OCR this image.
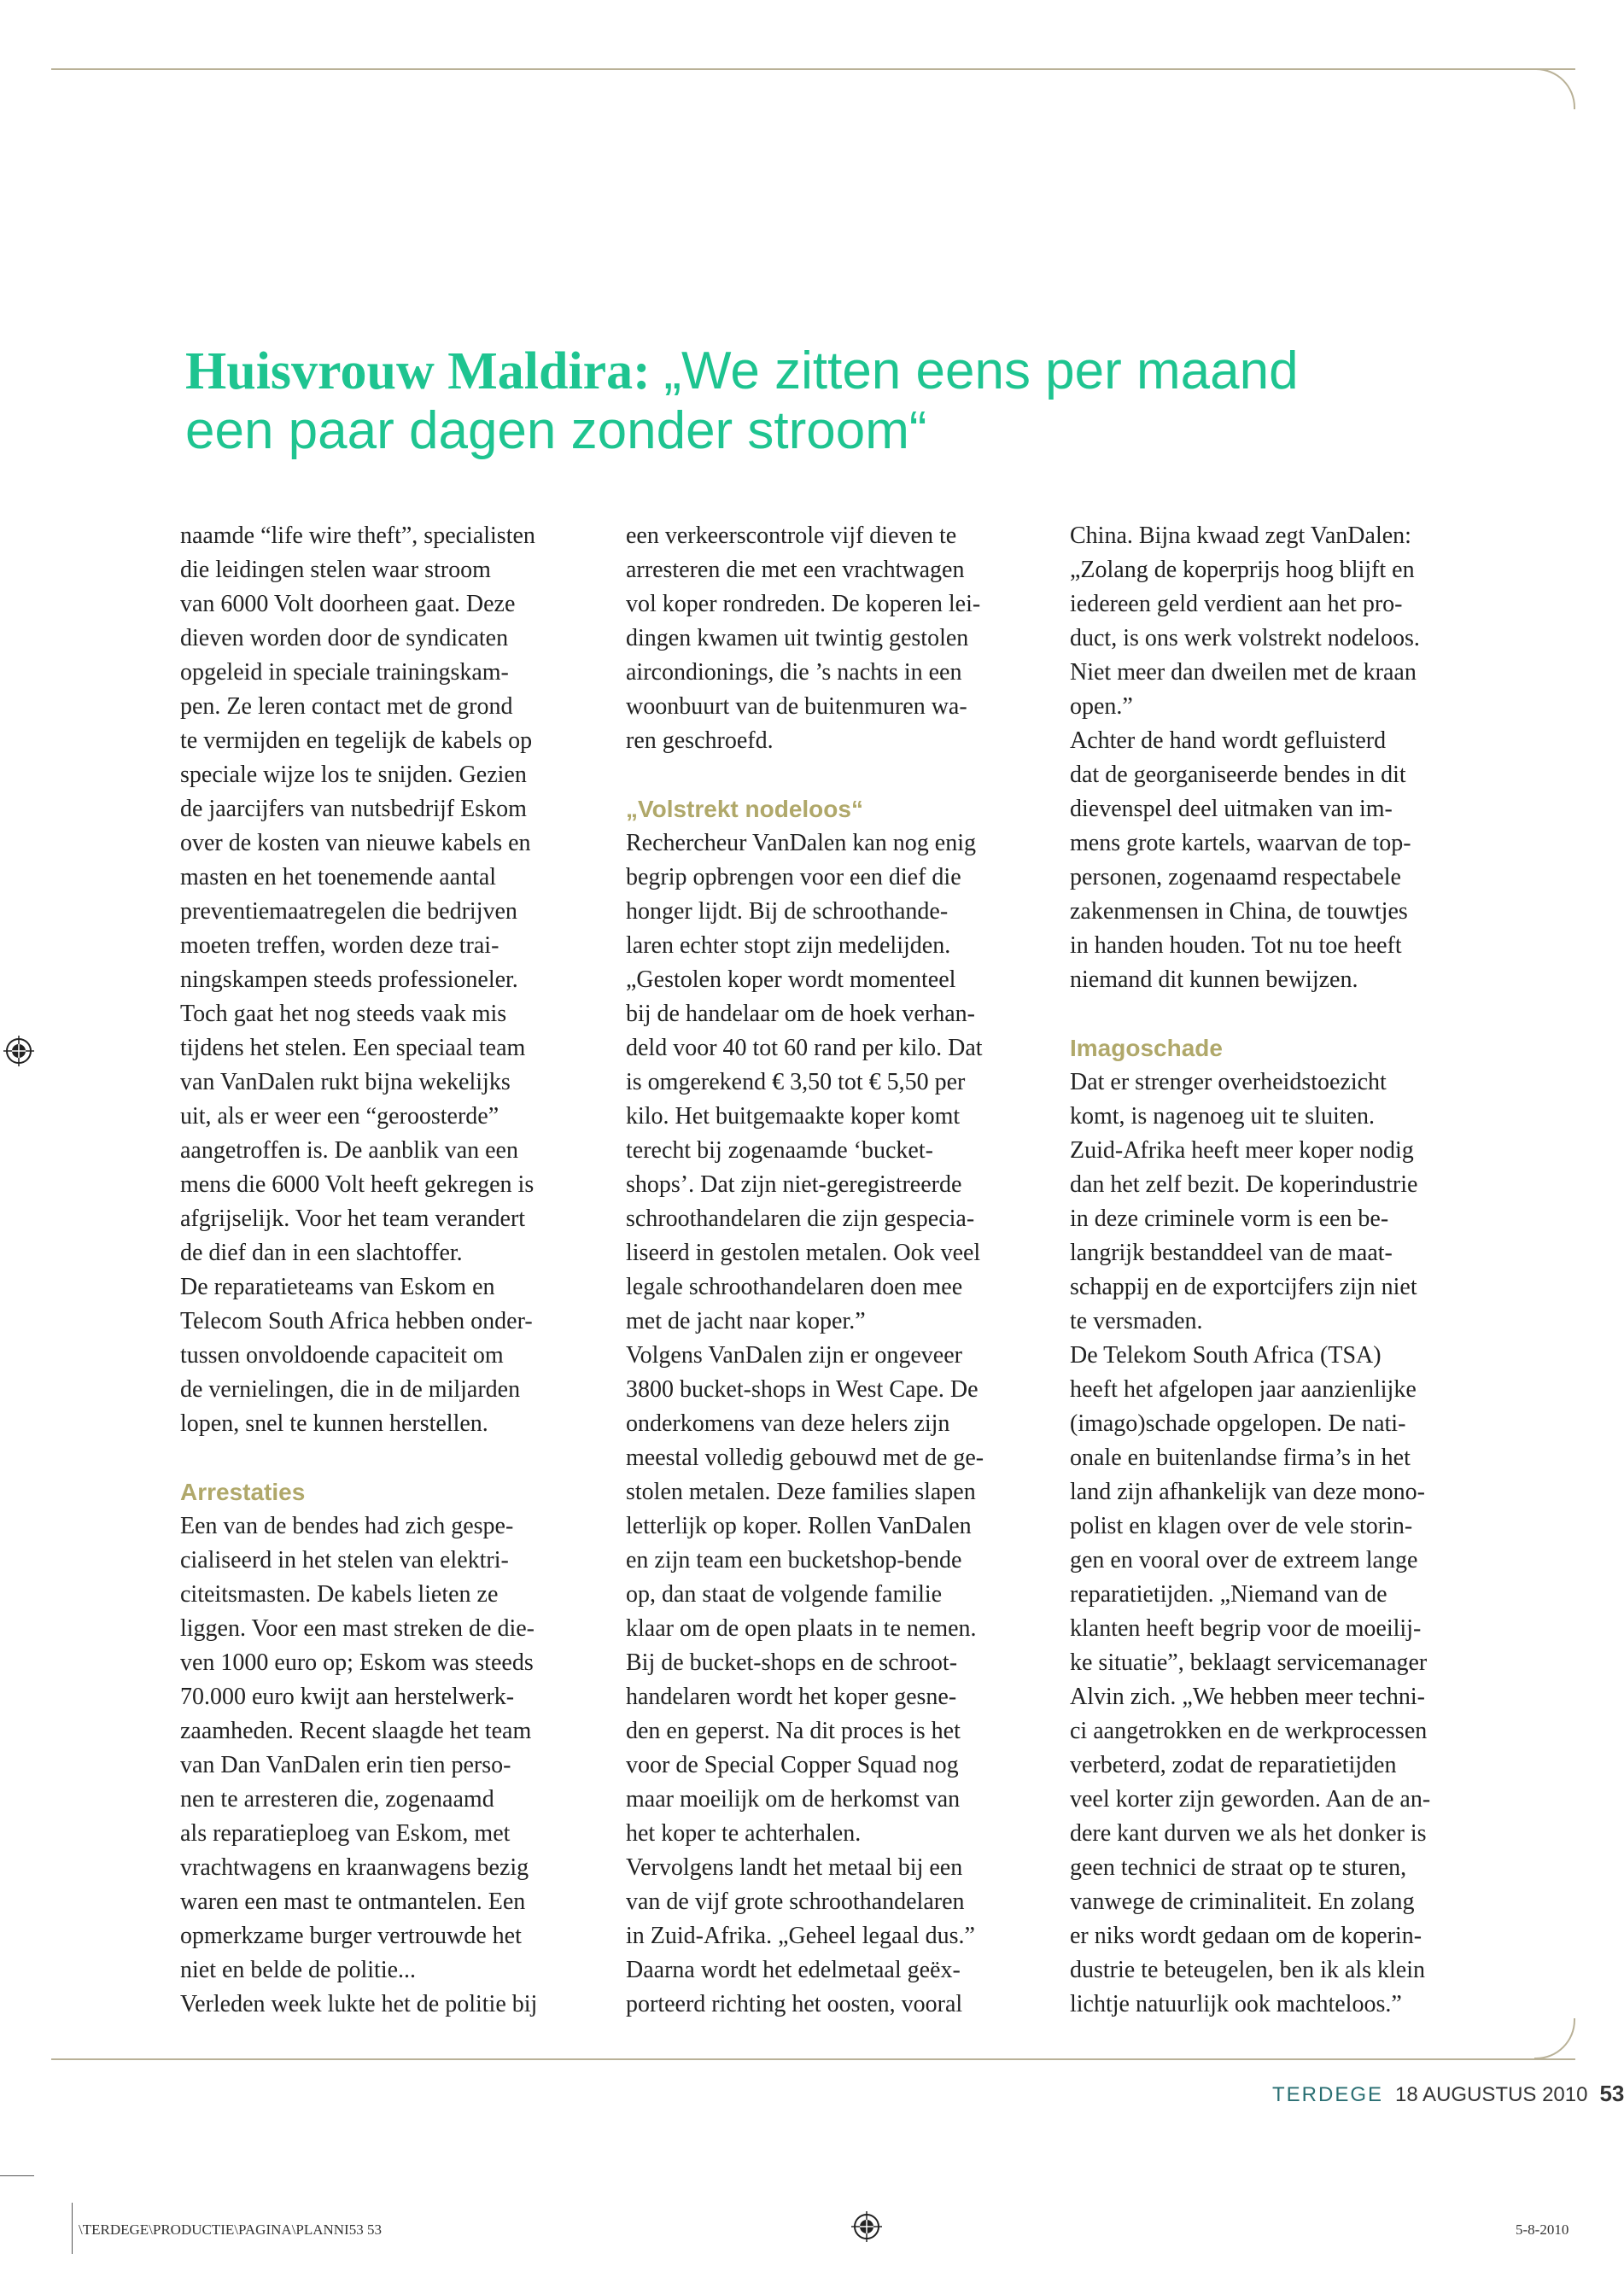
Huisvrouw Maldira: „We zitten eens per maand
een paar dagen zonder stroom“

naamde “life wire theft”, specialisten
die leidingen stelen waar stroom
van 6000 Volt doorheen gaat. Deze
dieven worden door de syndicaten
opgeleid in speciale trainingskam-
pen. Ze leren contact met de grond
te vermijden en tegelijk de kabels op
speciale wijze los te snijden. Gezien
de jaarcijfers van nutsbedrijf Eskom
over de kosten van nieuwe kabels en
masten en het toenemende aantal
preventiemaatregelen die bedrijven
moeten treffen, worden deze trai-
ningskampen steeds professioneler.
Toch gaat het nog steeds vaak mis
tijdens het stelen. Een speciaal team
van VanDalen rukt bijna wekelijks
uit, als er weer een “geroosterde”
aangetroffen is. De aanblik van een
mens die 6000 Volt heeft gekregen is
afgrijselijk. Voor het team verandert
de dief dan in een slachtoffer.

De reparatieteams van Eskom en
Telecom South Africa hebben onder-
tussen onvoldoende capaciteit om
de vernielingen, die in de miljarden
lopen, snel te kunnen herstellen.

Arrestaties

Een van de bendes had zich gespe-
cialiseerd in het stelen van elektri-
citeitsmasten. De kabels lieten ze
liggen. Voor een mast streken de die-
ven 1000 euro op; Eskom was steeds
70.000 euro kwijt aan herstelwerk-
zaamheden. Recent slaagde het team
van Dan VanDalen erin tien perso-
nen te arresteren die, zogenaamd
als reparatieploeg van Eskom, met
vrachtwagens en kraanwagens bezig
waren een mast te ontmantelen. Een
opmerkzame burger vertrouwde het
niet en belde de politie...

Verleden week lukte het de politie bij

een verkeerscontrole vijf dieven te
arresteren die met een vrachtwagen
vol koper rondreden. De koperen lei-
dingen kwamen uit twintig gestolen
aircondionings, die ’s nachts in een
woonbuurt van de buitenmuren wa-
ren geschroefd.

„Volstrekt nodeloos“

Rechercheur VanDalen kan nog enig
begrip opbrengen voor een dief die
honger lijdt. Bij de schroothande-
laren echter stopt zijn medelijden.
„Gestolen koper wordt momenteel
bij de handelaar om de hoek verhan-
deld voor 40 tot 60 rand per kilo. Dat
is omgerekend € 3,50 tot € 5,50 per
kilo. Het buitgemaakte koper komt
terecht bij zogenaamde ‘bucket-
shops’. Dat zijn niet-geregistreerde
schroothandelaren die zijn gespecia-
liseerd in gestolen metalen. Ook veel
legale schroothandelaren doen mee
met de jacht naar koper.”

Volgens VanDalen zijn er ongeveer
3800 bucket-shops in West Cape. De
onderkomens van deze helers zijn
meestal volledig gebouwd met de ge-
stolen metalen. Deze families slapen
letterlijk op koper. Rollen VanDalen
en zijn team een bucketshop-bende
op, dan staat de volgende familie
klaar om de open plaats in te nemen.
Bij de bucket-shops en de schroot-
handelaren wordt het koper gesne-
den en geperst. Na dit proces is het
voor de Special Copper Squad nog
maar moeilijk om de herkomst van
het koper te achterhalen.

Vervolgens landt het metaal bij een
van de vijf grote schroothandelaren
in Zuid-Afrika. „Geheel legaal dus.”
Daarna wordt het edelmetaal geëx-
porteerd richting het oosten, vooral

China. Bijna kwaad zegt VanDalen:
„Zolang de koperprijs hoog blijft en
iedereen geld verdient aan het pro-
duct, is ons werk volstrekt nodeloos.
Niet meer dan dweilen met de kraan
open.”

Achter de hand wordt gefluisterd
dat de georganiseerde bendes in dit
dievenspel deel uitmaken van im-
mens grote kartels, waarvan de top-
personen, zogenaamd respectabele
zakenmensen in China, de touwtjes
in handen houden. Tot nu toe heeft
niemand dit kunnen bewijzen.

Imagoschade

Dat er strenger overheidstoezicht
komt, is nagenoeg uit te sluiten.
Zuid-Afrika heeft meer koper nodig
dan het zelf bezit. De koperindustrie
in deze criminele vorm is een be-
langrijk bestanddeel van de maat-
schappij en de exportcijfers zijn niet
te versmaden.

De Telekom South Africa (TSA)
heeft het afgelopen jaar aanzienlijke
(imago)schade opgelopen. De nati-
onale en buitenlandse firma’s in het
land zijn afhankelijk van deze mono-
polist en klagen over de vele storin-
gen en vooral over de extreem lange
reparatietijden. „Niemand van de
klanten heeft begrip voor de moeilij-
ke situatie”, beklaagt servicemanager
Alvin zich. „We hebben meer techni-
ci aangetrokken en de werkprocessen
verbeterd, zodat de reparatietijden
veel korter zijn geworden. Aan de an-
dere kant durven we als het donker is
geen technici de straat op te sturen,
vanwege de criminaliteit. En zolang
er niks wordt gedaan om de koperin-
dustrie te beteugelen, ben ik als klein
lichtje natuurlijk ook machteloos.”

TERDEGE 18 AUGUSTUS 2010 53
\TERDEGE\PRODUCTIE\PAGINA\PLANNI53 53	5-8-2010
